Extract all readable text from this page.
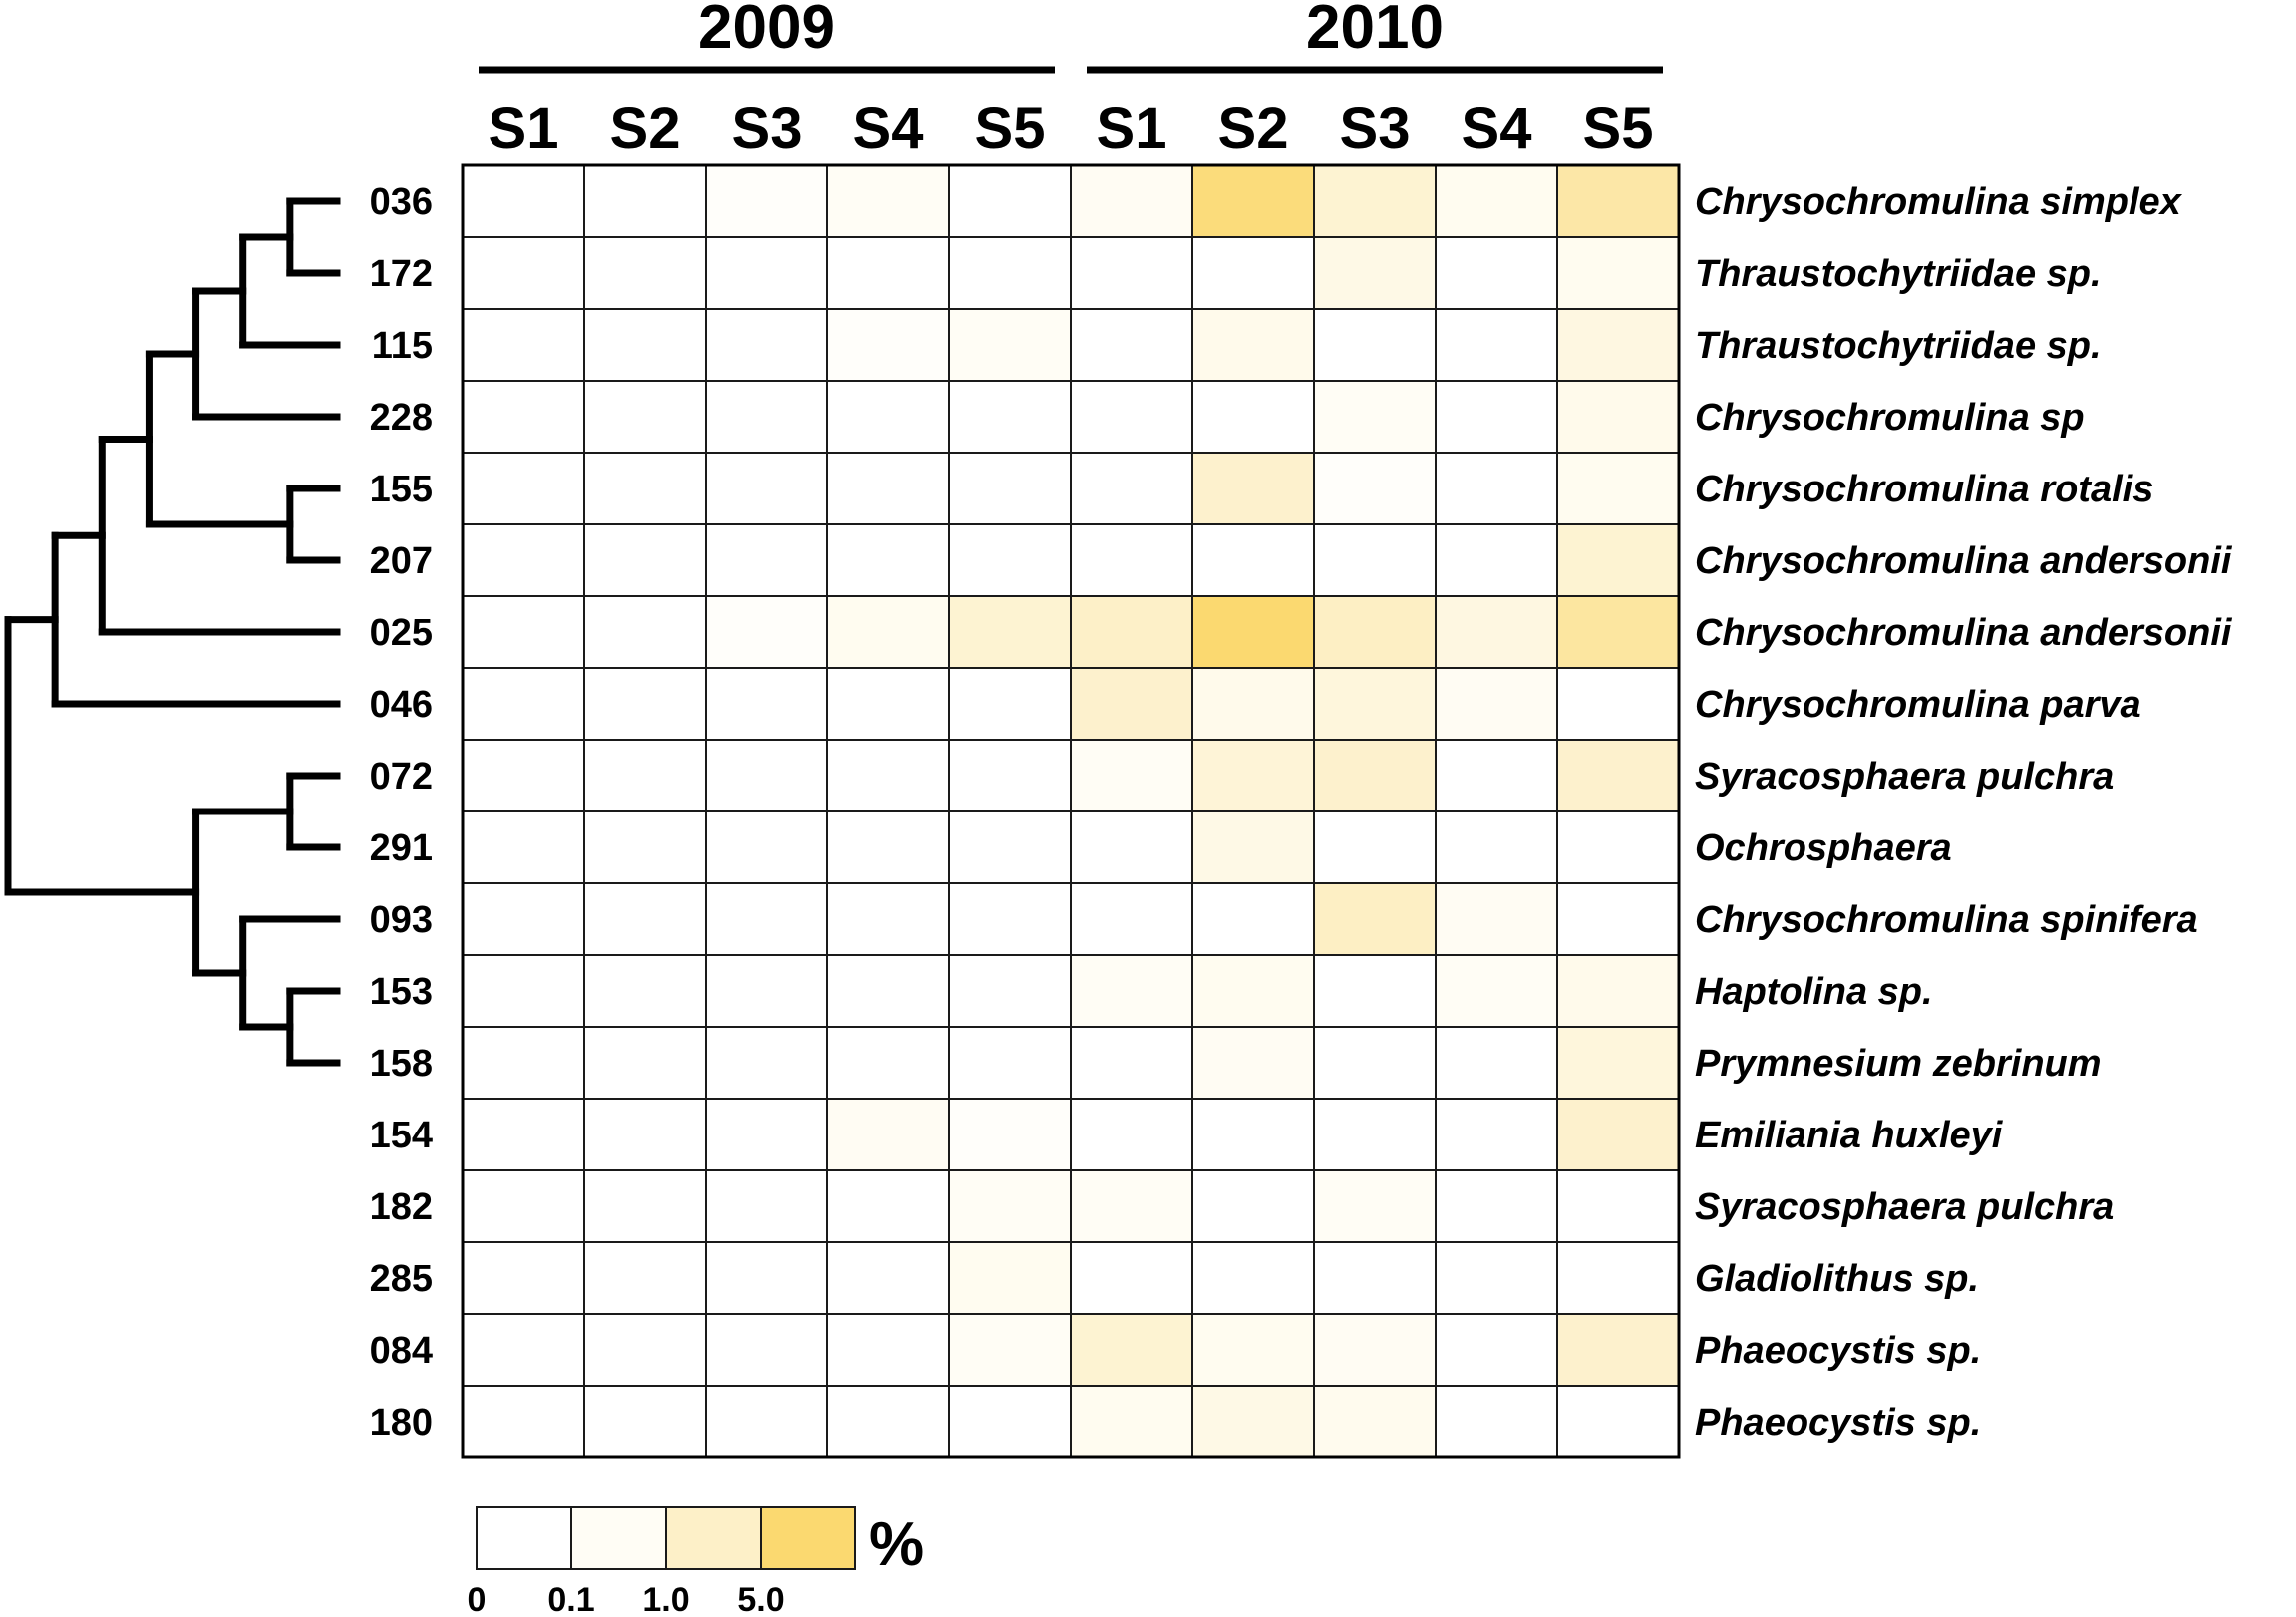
2009
S1 S2 S3 S4 S5
2010
S1 S2 S3 S4 S5
036	Chrysochromulina simplex
172	Thraustochytriidae sp.
115	Thraustochytriidae sp.
228	Chrysochromulina sp
155	Chrysochromulina rotalis
207	Chrysochromulina andersonii
025	Chrysochromulina andersonii
046	Chrysochromulina parva
072	Syracosphaera pulchra
291	Ochrosphaera
093	Chrysochromulina spinifera
153	Haptolina sp.
158	Prymnesium zebrinum
154	Emiliania huxleyi
182	Syracosphaera pulchra
285	Gladiolithus sp.
084	Phaeocystis sp.
180	Phaeocystis sp.
%
0 0.1 1.0 5.0
